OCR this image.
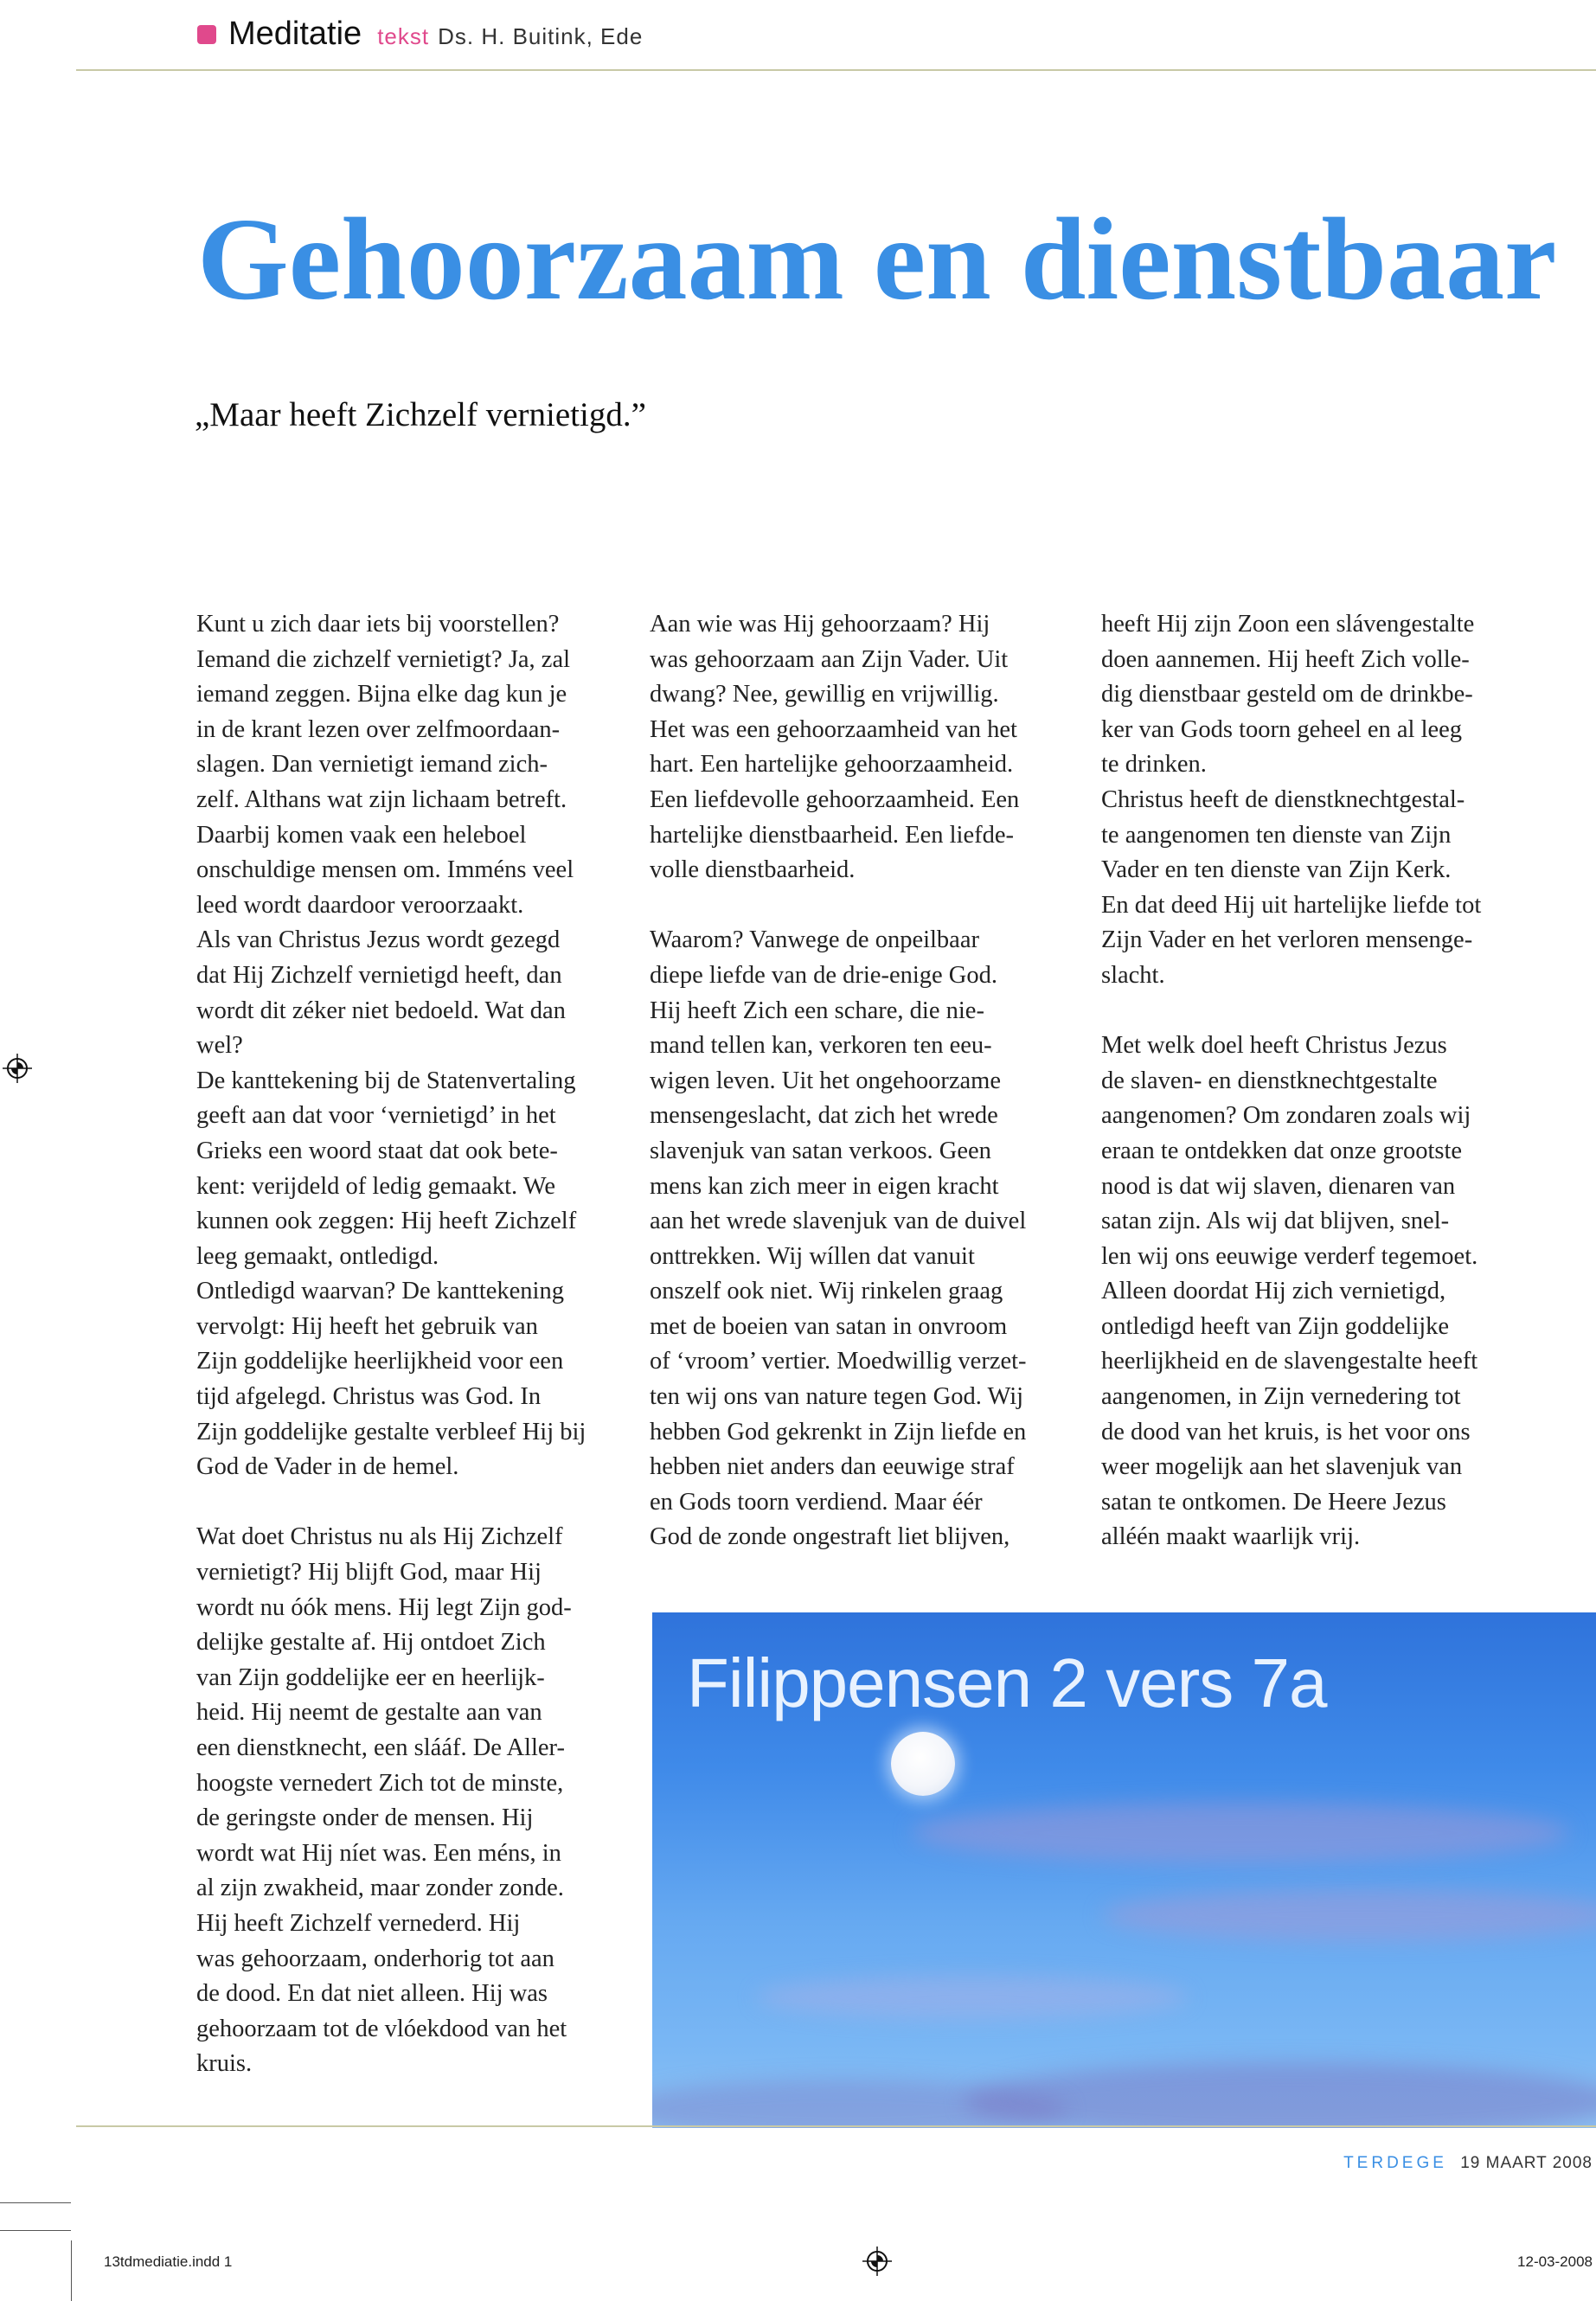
Meditatie tekst Ds. H. Buitink, Ede
Gehoorzaam en dienstbaar

„Maar heeft Zichzelf vernietigd.”

Kunt u zich daar iets bij voorstellen?

Iemand die zichzelf vernietigt? Ja, zal

iemand zeggen. Bijna elke dag kun je

in de krant lezen over zelfmoordaan-

slagen. Dan vernietigt iemand zich-

zelf. Althans wat zijn lichaam betreft.

Daarbij komen vaak een heleboel

onschuldige mensen om. Imméns veel

leed wordt daardoor veroorzaakt.

Als van Christus Jezus wordt gezegd

dat Hij Zichzelf vernietigd heeft, dan

wordt dit zéker niet bedoeld. Wat dan

wel?

De kanttekening bij de Statenvertaling

geeft aan dat voor ‘vernietigd’ in het

Grieks een woord staat dat ook bete-

kent: verijdeld of ledig gemaakt. We

kunnen ook zeggen: Hij heeft Zichzelf

leeg gemaakt, ontledigd.

Ontledigd waarvan? De kanttekening

vervolgt: Hij heeft het gebruik van

Zijn goddelijke heerlijkheid voor een

tijd afgelegd. Christus was God. In

Zijn goddelijke gestalte verbleef Hij bij

God de Vader in de hemel.

Wat doet Christus nu als Hij Zichzelf

vernietigt? Hij blijft God, maar Hij

wordt nu óók mens. Hij legt Zijn god-

delijke gestalte af. Hij ontdoet Zich

van Zijn goddelijke eer en heerlijk-

heid. Hij neemt de gestalte aan van

een dienstknecht, een slááf. De Aller-

hoogste vernedert Zich tot de minste,

de geringste onder de mensen. Hij

wordt wat Hij níet was. Een méns, in

al zijn zwakheid, maar zonder zonde.

Hij heeft Zichzelf vernederd. Hij

was gehoorzaam, onderhorig tot aan

de dood. En dat niet alleen. Hij was

gehoorzaam tot de vlóekdood van het

kruis.

Aan wie was Hij gehoorzaam? Hij

was gehoorzaam aan Zijn Vader. Uit

dwang? Nee, gewillig en vrijwillig.

Het was een gehoorzaamheid van het

hart. Een hartelijke gehoorzaamheid.

Een liefdevolle gehoorzaamheid. Een

hartelijke dienstbaarheid. Een liefde-

volle dienstbaarheid.

Waarom? Vanwege de onpeilbaar

diepe liefde van de drie-enige God.

Hij heeft Zich een schare, die nie-

mand tellen kan, verkoren ten eeu-

wigen leven. Uit het ongehoorzame

mensengeslacht, dat zich het wrede

slavenjuk van satan verkoos. Geen

mens kan zich meer in eigen kracht

aan het wrede slavenjuk van de duivel

onttrekken. Wij wíllen dat vanuit

onszelf ook niet. Wij rinkelen graag

met de boeien van satan in onvroom

of ‘vroom’ vertier. Moedwillig verzet-

ten wij ons van nature tegen God. Wij

hebben God gekrenkt in Zijn liefde en

hebben niet anders dan eeuwige straf

en Gods toorn verdiend. Maar éér

God de zonde ongestraft liet blijven,

heeft Hij zijn Zoon een slávengestalte

doen aannemen. Hij heeft Zich volle-

dig dienstbaar gesteld om de drinkbe-

ker van Gods toorn geheel en al leeg

te drinken.

Christus heeft de dienstknechtgestal-

te aangenomen ten dienste van Zijn

Vader en ten dienste van Zijn Kerk.

En dat deed Hij uit hartelijke liefde tot

Zijn Vader en het verloren mensenge-

slacht.

Met welk doel heeft Christus Jezus

de slaven- en dienstknechtgestalte

aangenomen? Om zondaren zoals wij

eraan te ontdekken dat onze grootste

nood is dat wij slaven, dienaren van

satan zijn. Als wij dat blijven, snel-

len wij ons eeuwige verderf tegemoet.

Alleen doordat Hij zich vernietigd,

ontledigd heeft van Zijn goddelijke

heerlijkheid en de slavengestalte heeft

aangenomen, in Zijn vernedering tot

de dood van het kruis, is het voor ons

weer mogelijk aan het slavenjuk van

satan te ontkomen. De Heere Jezus

alléén maakt waarlijk vrij.

Filippensen 2 vers 7a

TERDEGE 19 MAART 2008
13tdmediatie.indd 1	12-03-2008
